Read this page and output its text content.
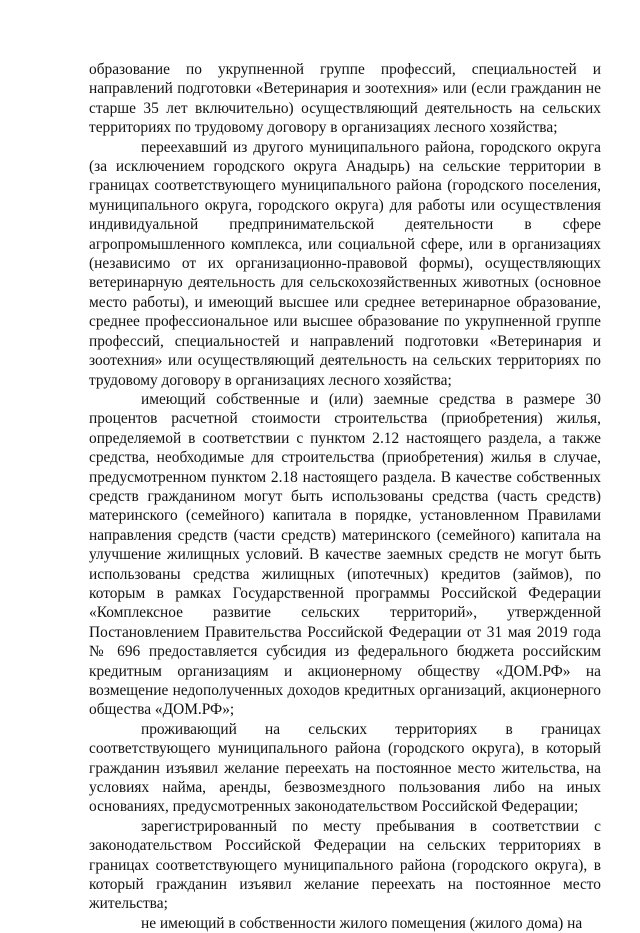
образование по укрупненной группе профессий, специальностей и направлений подготовки «Ветеринария и зоотехния» или (если гражданин не старше 35 лет включительно) осуществляющий деятельность на сельских территориях по трудовому договору в организациях лесного хозяйства;

переехавший из другого муниципального района, городского округа (за исключением городского округа Анадырь) на сельские территории в границах соответствующего муниципального района (городского поселения, муниципального округа, городского округа) для работы или осуществления индивидуальной предпринимательской деятельности в сфере агропромышленного комплекса, или социальной сфере, или в организациях (независимо от их организационно-правовой формы), осуществляющих ветеринарную деятельность для сельскохозяйственных животных (основное место работы), и имеющий высшее или среднее ветеринарное образование, среднее профессиональное или высшее образование по укрупненной группе профессий, специальностей и направлений подготовки «Ветеринария и зоотехния» или осуществляющий деятельность на сельских территориях по трудовому договору в организациях лесного хозяйства;

имеющий собственные и (или) заемные средства в размере 30 процентов расчетной стоимости строительства (приобретения) жилья, определяемой в соответствии с пунктом 2.12 настоящего раздела, а также средства, необходимые для строительства (приобретения) жилья в случае, предусмотренном пунктом 2.18 настоящего раздела. В качестве собственных средств гражданином могут быть использованы средства (часть средств) материнского (семейного) капитала в порядке, установленном Правилами направления средств (части средств) материнского (семейного) капитала на улучшение жилищных условий. В качестве заемных средств не могут быть использованы средства жилищных (ипотечных) кредитов (займов), по которым в рамках Государственной программы Российской Федерации «Комплексное развитие сельских территорий», утвержденной Постановлением Правительства Российской Федерации от 31 мая 2019 года № 696 предоставляется субсидия из федерального бюджета российским кредитным организациям и акционерному обществу «ДОМ.РФ» на возмещение недополученных доходов кредитных организаций, акционерного общества «ДОМ.РФ»;

проживающий на сельских территориях в границах соответствующего муниципального района (городского округа), в который гражданин изъявил желание переехать на постоянное место жительства, на условиях найма, аренды, безвозмездного пользования либо на иных основаниях, предусмотренных законодательством Российской Федерации;

зарегистрированный по месту пребывания в соответствии с законодательством Российской Федерации на сельских территориях в границах соответствующего муниципального района (городского округа), в который гражданин изъявил желание переехать на постоянное место жительства;

не имеющий в собственности жилого помещения (жилого дома) на
